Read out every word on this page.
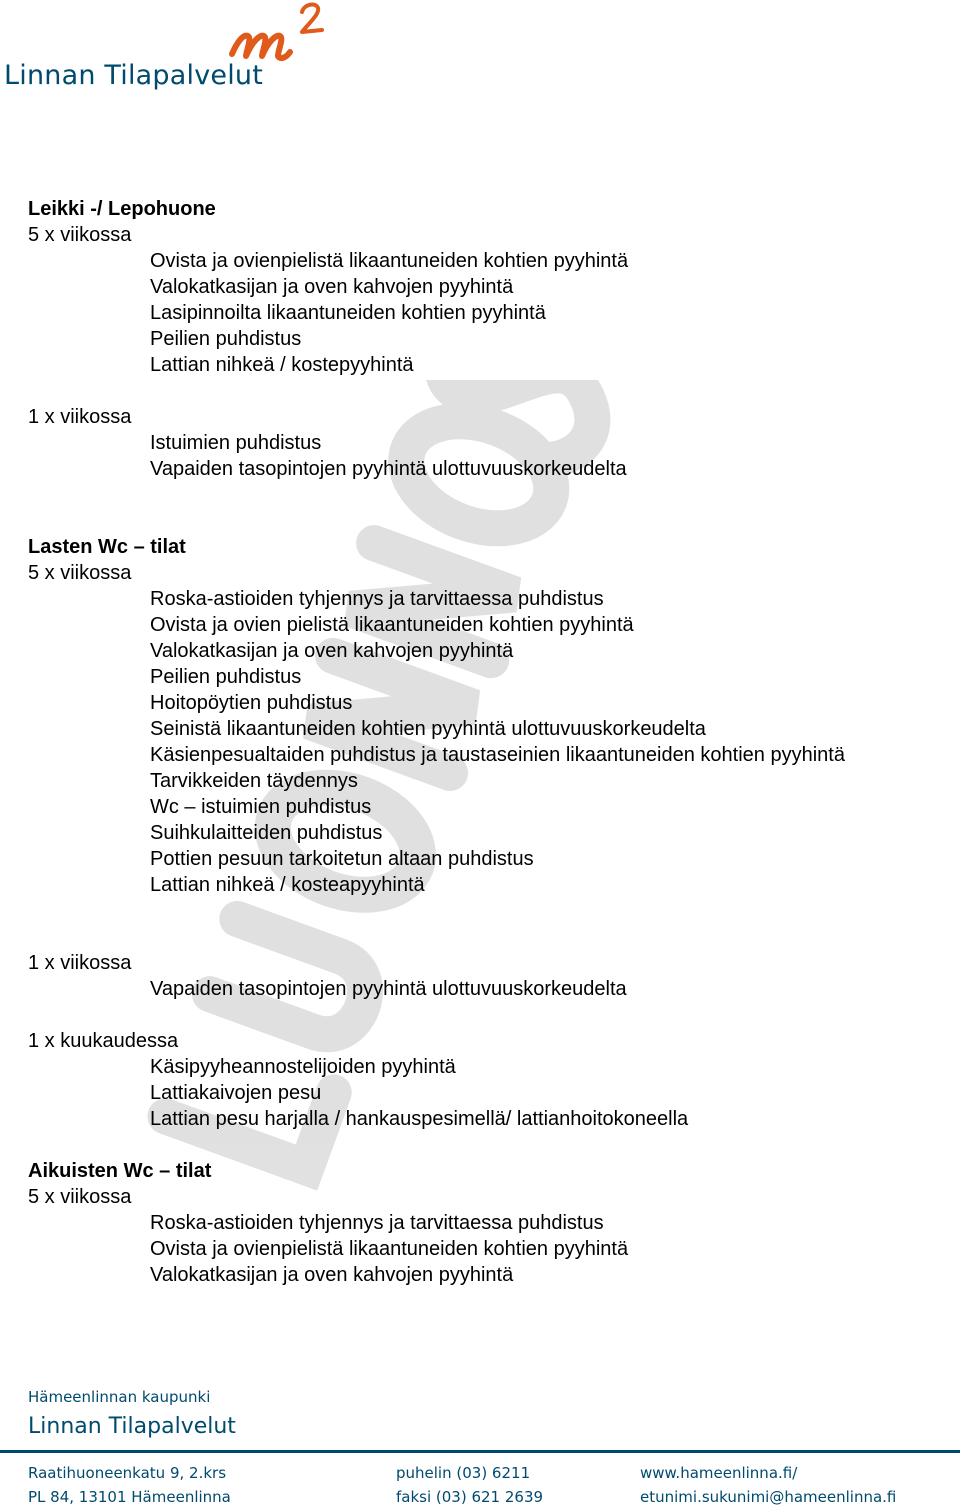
Linnan Tilapalvelut
Leikki -/ Lepohuone
5 x viikossa
Ovista ja ovienpielistä likaantuneiden kohtien pyyhintä
Valokatkasijan ja oven kahvojen pyyhintä
Lasipinnoilta likaantuneiden kohtien pyyhintä
Peilien puhdistus
Lattian nihkeä / kostepyyhintä
1 x viikossa
Istuimien puhdistus
Vapaiden tasopintojen pyyhintä ulottuvuuskorkeudelta
Lasten Wc – tilat
5 x viikossa
Roska-astioiden tyhjennys ja tarvittaessa puhdistus
Ovista ja ovien pielistä likaantuneiden kohtien pyyhintä
Valokatkasijan ja oven kahvojen pyyhintä
Peilien puhdistus
Hoitopöytien puhdistus
Seinistä likaantuneiden kohtien pyyhintä ulottuvuuskorkeudelta
Käsienpesualtaiden puhdistus ja taustaseinien likaantuneiden kohtien pyyhintä
Tarvikkeiden täydennys
Wc – istuimien puhdistus
Suihkulaitteiden puhdistus
Pottien pesuun tarkoitetun altaan puhdistus
Lattian nihkeä / kosteapyyhintä
1 x viikossa
Vapaiden tasopintojen pyyhintä ulottuvuuskorkeudelta
1 x kuukaudessa
Käsipyyheannostelijoiden pyyhintä
Lattiakaivojen pesu
Lattian pesu harjalla / hankauspesimellä/ lattianhoitokoneella
Aikuisten Wc – tilat
5 x viikossa
Roska-astioiden tyhjennys ja tarvittaessa puhdistus
Ovista ja ovienpielistä likaantuneiden kohtien pyyhintä
Valokatkasijan ja oven kahvojen pyyhintä
Hämeenlinnan kaupunki
Linnan Tilapalvelut
Raatihuoneenkatu 9, 2.krs
PL 84, 13101 Hämeenlinna
puhelin (03) 6211
faksi (03) 621 2639
www.hameenlinna.fi/
etunimi.sukunimi@hameenlinna.fi
